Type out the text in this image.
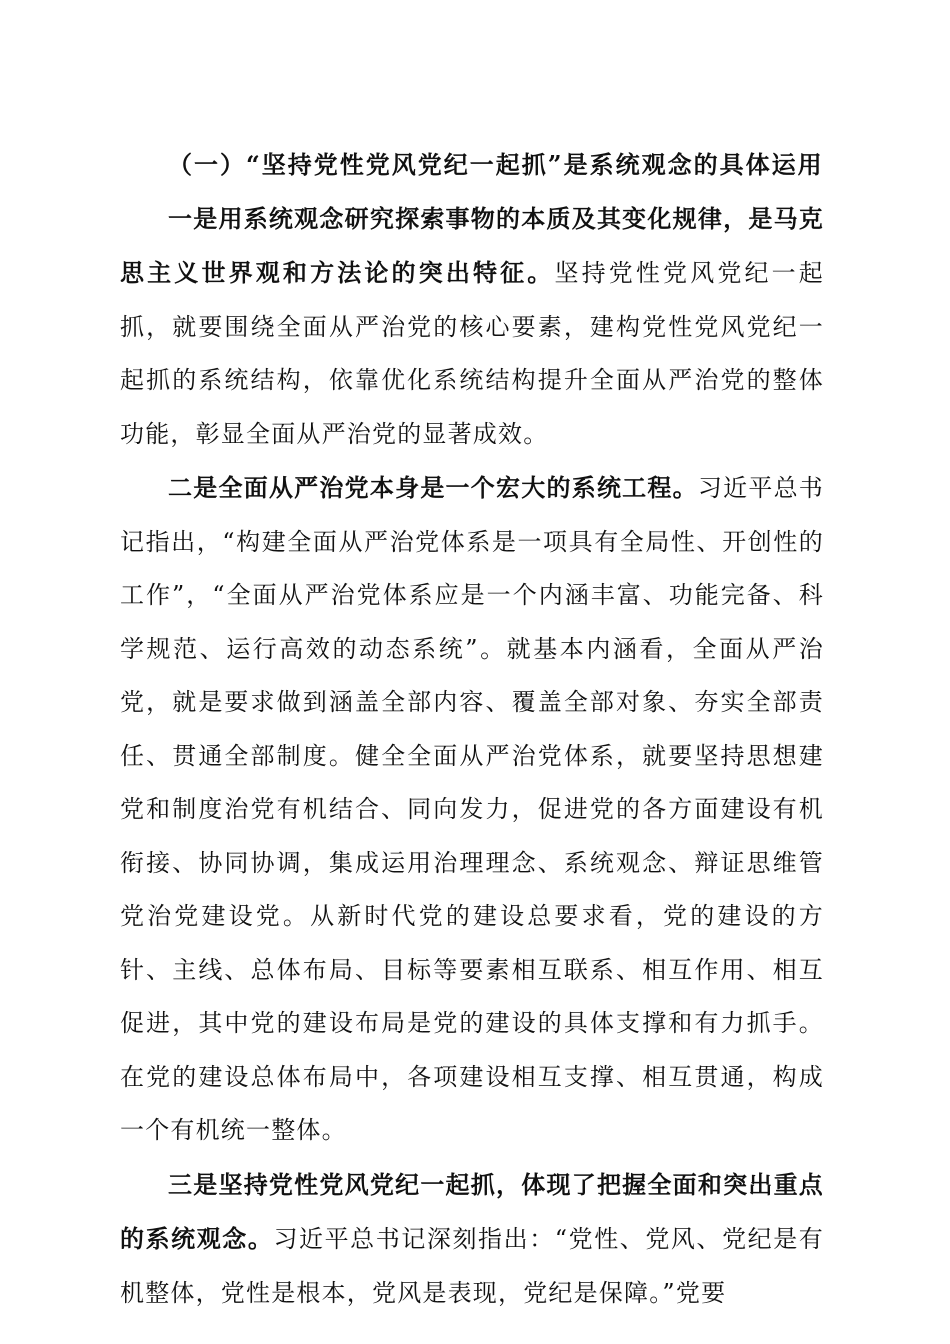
（一）“坚持党性党风党纪一起抓”是系统观念的具体运用

一是用系统观念研究探索事物的本质及其变化规律，是马克思主义世界观和方法论的突出特征。坚持党性党风党纪一起抓，就要围绕全面从严治党的核心要素，建构党性党风党纪一起抓的系统结构，依靠优化系统结构提升全面从严治党的整体功能，彰显全面从严治党的显著成效。

二是全面从严治党本身是一个宏大的系统工程。习近平总书记指出，“构建全面从严治党体系是一项具有全局性、开创性的工作”，“全面从严治党体系应是一个内涵丰富、功能完备、科学规范、运行高效的动态系统”。就基本内涵看，全面从严治党，就是要求做到涵盖全部内容、覆盖全部对象、夯实全部责任、贯通全部制度。健全全面从严治党体系，就要坚持思想建党和制度治党有机结合、同向发力，促进党的各方面建设有机衔接、协同协调，集成运用治理理念、系统观念、辩证思维管党治党建设党。从新时代党的建设总要求看，党的建设的方针、主线、总体布局、目标等要素相互联系、相互作用、相互促进，其中党的建设布局是党的建设的具体支撑和有力抓手。在党的建设总体布局中，各项建设相互支撑、相互贯通，构成一个有机统一整体。

三是坚持党性党风党纪一起抓，体现了把握全面和突出重点的系统观念。习近平总书记深刻指出：“党性、党风、党纪是有机整体，党性是根本，党风是表现，党纪是保障。”党要
